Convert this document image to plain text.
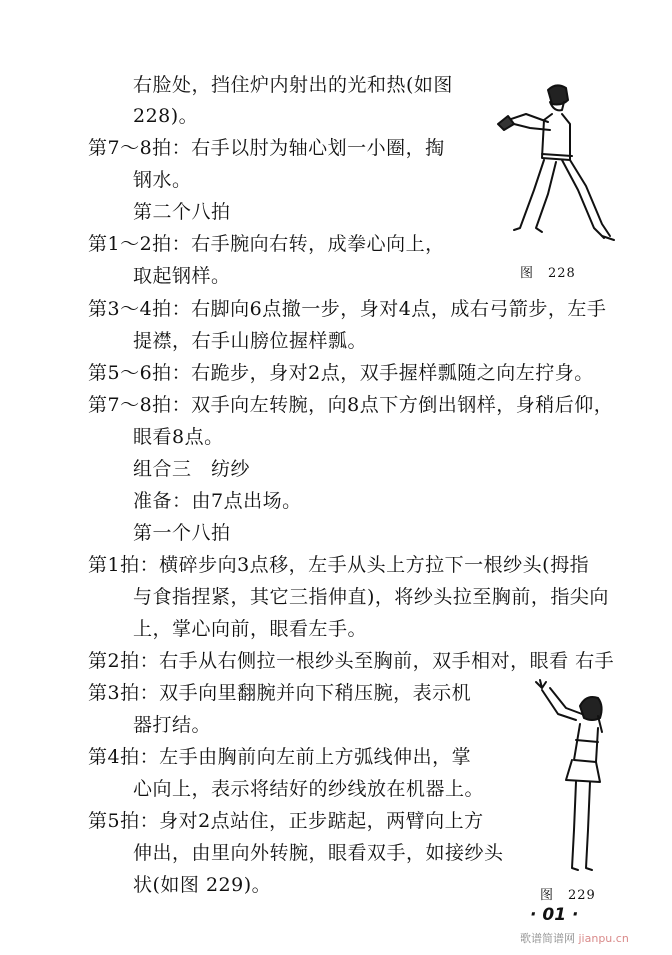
右脸处，挡住炉内射出的光和热(如图
228)。
第7～8拍：右手以肘为轴心划一小圈，掏
钢水。
第二个八拍
第1～2拍：右手腕向右转，成拳心向上，
取起钢样。
第3～4拍：右脚向6点撤一步，身对4点，成右弓箭步，左手
提襟，右手山膀位握样瓢。
第5～6拍：右跪步，身对2点，双手握样瓢随之向左拧身。
第7～8拍：双手向左转腕，向8点下方倒出钢样，身稍后仰，
眼看8点。
组合三　纺纱
准备：由7点出场。
第一个八拍
第1拍：横碎步向3点移，左手从头上方拉下一根纱头(拇指
与食指捏紧，其它三指伸直)，将纱头拉至胸前，指尖向
上，掌心向前，眼看左手。
第2拍：右手从右侧拉一根纱头至胸前，双手相对，眼看 右手
第3拍：双手向里翻腕并向下稍压腕，表示机
器打结。
第4拍：左手由胸前向左前上方弧线伸出，掌
心向上，表示将结好的纱线放在机器上。
第5拍：身对2点站住，正步踮起，两臂向上方
伸出，由里向外转腕，眼看双手，如接纱头
状(如图 229)。
图　228
图　229
· 01 ·
歌谱简谱网 jianpu.cn
